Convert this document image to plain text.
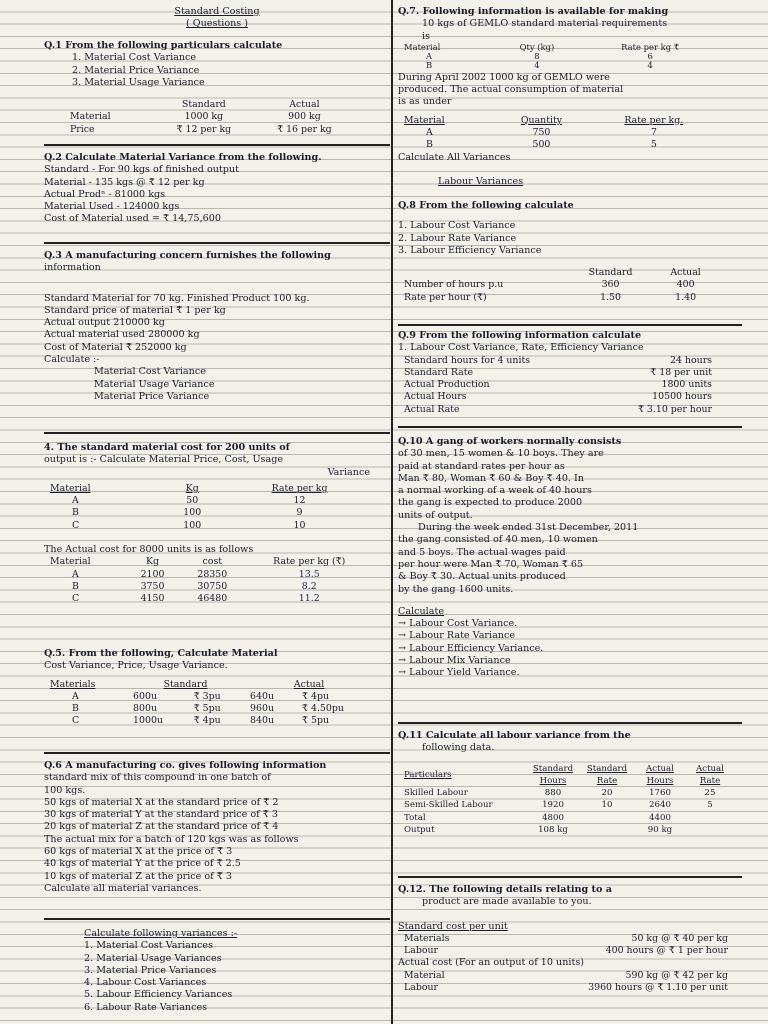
Standard Costing

( Questions )

Q.1 From the following particulars calculate

1. Material Cost Variance

2. Material Price Variance

3. Material Usage Variance

	Standard	Actual
Material	1000 kg	900 kg
Price	₹ 12 per kg	₹ 16 per kg

Q.2 Calculate Material Variance from the following.

Standard - For 90 kgs of finished output

Material - 135 kgs @ ₹ 12 per kg

Actual Prodⁿ - 81000 kgs

Material Used - 124000 kgs

Cost of Material used = ₹ 14,75,600

Q.3 A manufacturing concern furnishes the following

information

Standard Material for 70 kg. Finished Product 100 kg.

Standard price of material ₹ 1 per kg

Actual output 210000 kg

Actual material used 280000 kg

Cost of Material ₹ 252000 kg

Calculate :-

Material Cost Variance

Material Usage Variance

Material Price Variance

4. The standard material cost for 200 units of

output is :- Calculate Material Price, Cost, Usage

Variance

Material	Kg	Rate per kg
A	50	12
B	100	9
C	100	10

The Actual cost for 8000 units is as follows

Material	Kg	cost	Rate per kg (₹)
A	2100	28350	13.5
B	3750	30750	8.2
C	4150	46480	11.2

Q.5. From the following, Calculate Material

Cost Variance, Price, Usage Variance.

Materials	Standard		Actual	
A	600u	₹ 3pu	640u	₹ 4pu
B	800u	₹ 5pu	960u	₹ 4.50pu
C	1000u	₹ 4pu	840u	₹ 5pu

Q.6 A manufacturing co. gives following information

standard mix of this compound in one batch of

100 kgs.

50 kgs of material X at the standard price of ₹ 2

30 kgs of material Y at the standard price of ₹ 3

20 kgs of material Z at the standard price of ₹ 4

The actual mix for a batch of 120 kgs was as follows

60 kgs of material X at the price of ₹ 3

40 kgs of material Y at the price of ₹ 2.5

10 kgs of material Z at the price of ₹ 3

Calculate all material variances.

Calculate following variances :-

1. Material Cost Variances

2. Material Usage Variances

3. Material Price Variances

4. Labour Cost Variances

5. Labour Efficiency Variances

6. Labour Rate Variances

Q.7. Following information is available for making

10 kgs of GEMLO standard material requirements

is

Material	Qty (kg)	Rate per kg ₹
A	8	6
B	4	4

During April 2002 1000 kg of GEMLO were

produced. The actual consumption of material

is as under

Material	Quantity	Rate per kg.
A	750	7
B	500	5

Calculate All Variances

Labour Variances

Q.8 From the following calculate

1. Labour Cost Variance

2. Labour Rate Variance

3. Labour Efficiency Variance

	Standard	Actual
Number of hours p.u	360	400
Rate per hour (₹)	1.50	1.40

Q.9 From the following information calculate

1. Labour Cost Variance, Rate, Efficiency Variance

Standard hours for 4 units	24 hours
Standard Rate	₹ 18 per unit
Actual Production	1800 units
Actual Hours	10500 hours
Actual Rate	₹ 3.10 per hour

Q.10 A gang of workers normally consists

of 30 men, 15 women & 10 boys. They are

paid at standard rates per hour as

Man ₹ 80, Woman ₹ 60 & Boy ₹ 40. In

a normal working of a week of 40 hours

the gang is expected to produce 2000

units of output.

During the week ended 31st December, 2011

the gang consisted of 40 men, 10 women

and 5 boys. The actual wages paid

per hour were Man ₹ 70, Woman ₹ 65

& Boy ₹ 30. Actual units produced

by the gang 1600 units.

Calculate

→ Labour Cost Variance.

→ Labour Rate Variance

→ Labour Efficiency Variance.

→ Labour Mix Variance

→ Labour Yield Variance.

Q.11 Calculate all labour variance from the

following data.

Particulars	Standard Hours	Standard Rate	Actual Hours	Actual Rate
Skilled Labour	880	20	1760	25
Semi-Skilled Labour	1920	10	2640	5
Total	4800		4400	
Output	108 kg		90 kg	

Q.12. The following details relating to a

product are made available to you.

Standard cost per unit

Materials	50 kg @ ₹ 40 per kg
Labour	400 hours @ ₹ 1 per hour

Actual cost (For an output of 10 units)

Material	590 kg @ ₹ 42 per kg
Labour	3960 hours @ ₹ 1.10 per unit
